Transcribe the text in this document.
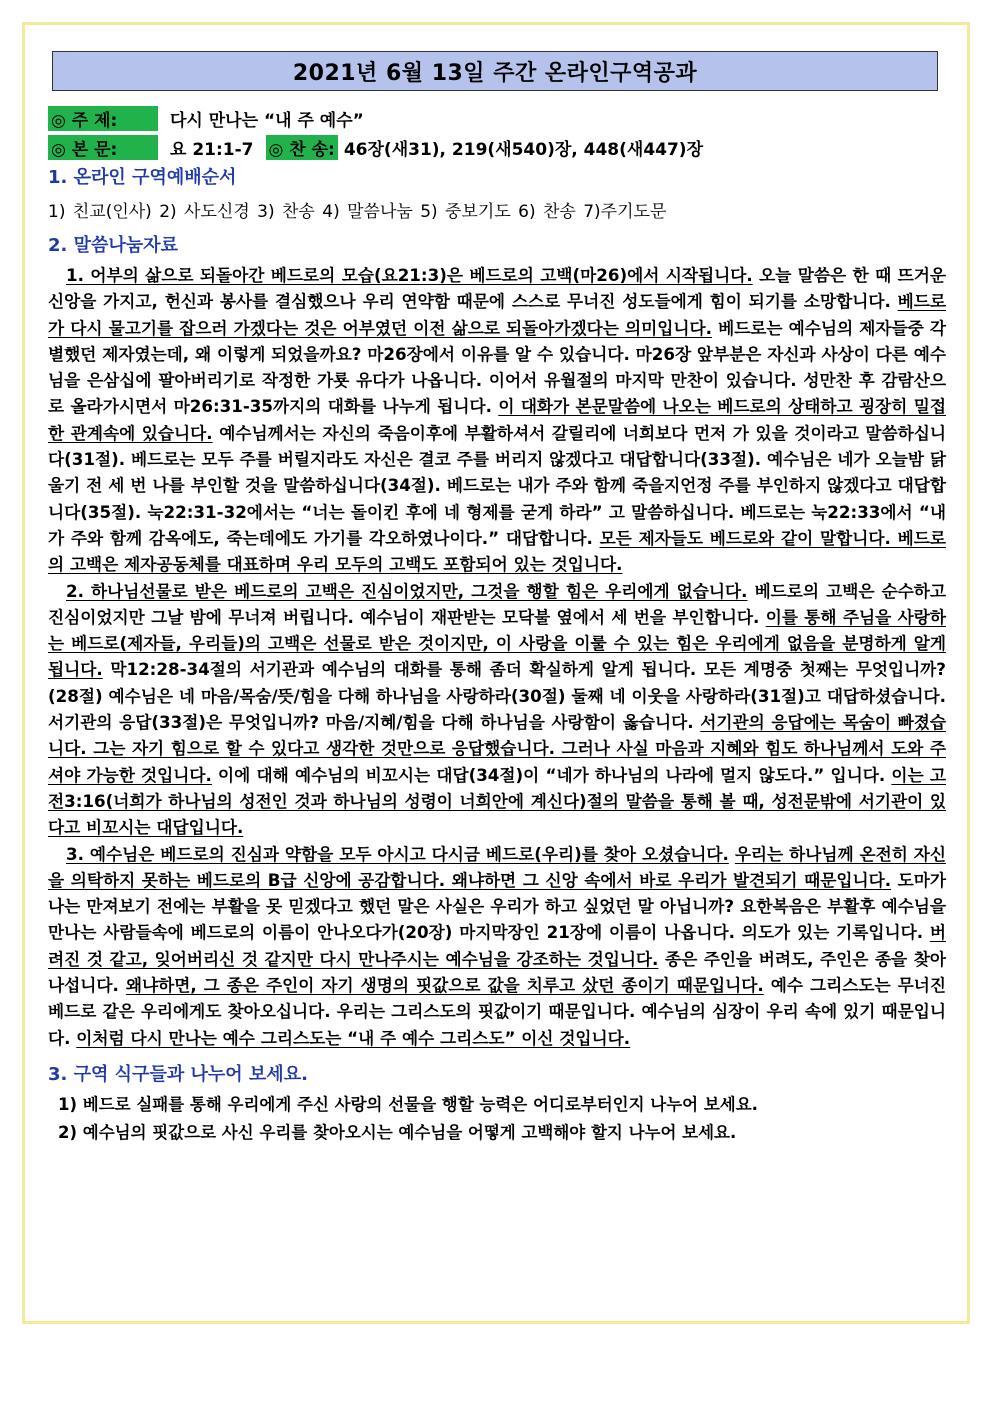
2021년 6월 13일 주간 온라인구역공과
◎ 주 제:	다시 만나는 “내 주 예수”
◎ 본 문:	요 21:1-7 ◎ 찬 송: 46장(새31), 219(새540)장, 448(새447)장
1. 온라인 구역예배순서
1) 친교(인사) 2) 사도신경 3) 찬송 4) 말씀나눔 5) 중보기도 6) 찬송 7)주기도문
2. 말씀나눔자료
1. 어부의 삶으로 되돌아간 베드로의 모습(요21:3)은 베드로의 고백(마26)에서 시작됩니다. 오늘 말씀은 한 때 뜨거운 신앙을 가지고, 헌신과 봉사를 결심했으나 우리 연약함 때문에 스스로 무너진 성도들에게 힘이 되기를 소망합니다. 베드로가 다시 물고기를 잡으러 가겠다는 것은 어부였던 이전 삶으로 되돌아가겠다는 의미입니다. 베드로는 예수님의 제자들중 각별했던 제자였는데, 왜 이렇게 되었을까요? 마26장에서 이유를 알 수 있습니다. 마26장 앞부분은 자신과 사상이 다른 예수님을 은삼십에 팔아버리기로 작정한 가룟 유다가 나옵니다. 이어서 유월절의 마지막 만찬이 있습니다. 성만찬 후 감람산으로 올라가시면서 마26:31-35까지의 대화를 나누게 됩니다. 이 대화가 본문말씀에 나오는 베드로의 상태하고 굉장히 밀접한 관계속에 있습니다. 예수님께서는 자신의 죽음이후에 부활하셔서 갈릴리에 너희보다 먼저 가 있을 것이라고 말씀하십니다(31절). 베드로는 모두 주를 버릴지라도 자신은 결코 주를 버리지 않겠다고 대답합니다(33절). 예수님은 네가 오늘밤 닭울기 전 세 번 나를 부인할 것을 말씀하십니다(34절). 베드로는 내가 주와 함께 죽을지언정 주를 부인하지 않겠다고 대답합니다(35절). 눅22:31-32에서는 “너는 돌이킨 후에 네 형제를 굳게 하라” 고 말씀하십니다. 베드로는 눅22:33에서 “내가 주와 함께 감옥에도, 죽는데에도 가기를 각오하였나이다.” 대답합니다. 모든 제자들도 베드로와 같이 말합니다. 베드로의 고백은 제자공동체를 대표하며 우리 모두의 고백도 포함되어 있는 것입니다.
2. 하나님선물로 받은 베드로의 고백은 진심이었지만, 그것을 행할 힘은 우리에게 없습니다. 베드로의 고백은 순수하고 진심이었지만 그날 밤에 무너져 버립니다. 예수님이 재판받는 모닥불 옆에서 세 번을 부인합니다. 이를 통해 주님을 사랑하는 베드로(제자들, 우리들)의 고백은 선물로 받은 것이지만, 이 사랑을 이룰 수 있는 힘은 우리에게 없음을 분명하게 알게 됩니다. 막12:28-34절의 서기관과 예수님의 대화를 통해 좀더 확실하게 알게 됩니다. 모든 계명중 첫째는 무엇입니까?(28절) 예수님은 네 마음/목숨/뜻/힘을 다해 하나님을 사랑하라(30절) 둘째 네 이웃을 사랑하라(31절)고 대답하셨습니다. 서기관의 응답(33절)은 무엇입니까? 마음/지혜/힘을 다해 하나님을 사랑함이 옳습니다. 서기관의 응답에는 목숨이 빠졌습니다. 그는 자기 힘으로 할 수 있다고 생각한 것만으로 응답했습니다. 그러나 사실 마음과 지혜와 힘도 하나님께서 도와 주셔야 가능한 것입니다. 이에 대해 예수님의 비꼬시는 대답(34절)이 “네가 하나님의 나라에 멀지 않도다.” 입니다. 이는 고전3:16(너희가 하나님의 성전인 것과 하나님의 성령이 너희안에 계신다)절의 말씀을 통해 볼 때, 성전문밖에 서기관이 있다고 비꼬시는 대답입니다.
3. 예수님은 베드로의 진심과 약함을 모두 아시고 다시금 베드로(우리)를 찾아 오셨습니다. 우리는 하나님께 온전히 자신을 의탁하지 못하는 베드로의 B급 신앙에 공감합니다. 왜냐하면 그 신앙 속에서 바로 우리가 발견되기 때문입니다. 도마가 나는 만져보기 전에는 부활을 못 믿겠다고 했던 말은 사실은 우리가 하고 싶었던 말 아닙니까? 요한복음은 부활후 예수님을 만나는 사람들속에 베드로의 이름이 안나오다가(20장) 마지막장인 21장에 이름이 나옵니다. 의도가 있는 기록입니다. 버려진 것 같고, 잊어버리신 것 같지만 다시 만나주시는 예수님을 강조하는 것입니다. 종은 주인을 버려도, 주인은 종을 찾아 나섭니다. 왜냐하면, 그 종은 주인이 자기 생명의 핏값으로 값을 치루고 샀던 종이기 때문입니다. 예수 그리스도는 무너진 베드로 같은 우리에게도 찾아오십니다. 우리는 그리스도의 핏값이기 때문입니다. 예수님의 심장이 우리 속에 있기 때문입니다. 이처럼 다시 만나는 예수 그리스도는 “내 주 예수 그리스도” 이신 것입니다.
3. 구역 식구들과 나누어 보세요.
1) 베드로 실패를 통해 우리에게 주신 사랑의 선물을 행할 능력은 어디로부터인지 나누어 보세요.
2) 예수님의 핏값으로 사신 우리를 찾아오시는 예수님을 어떻게 고백해야 할지 나누어 보세요.
